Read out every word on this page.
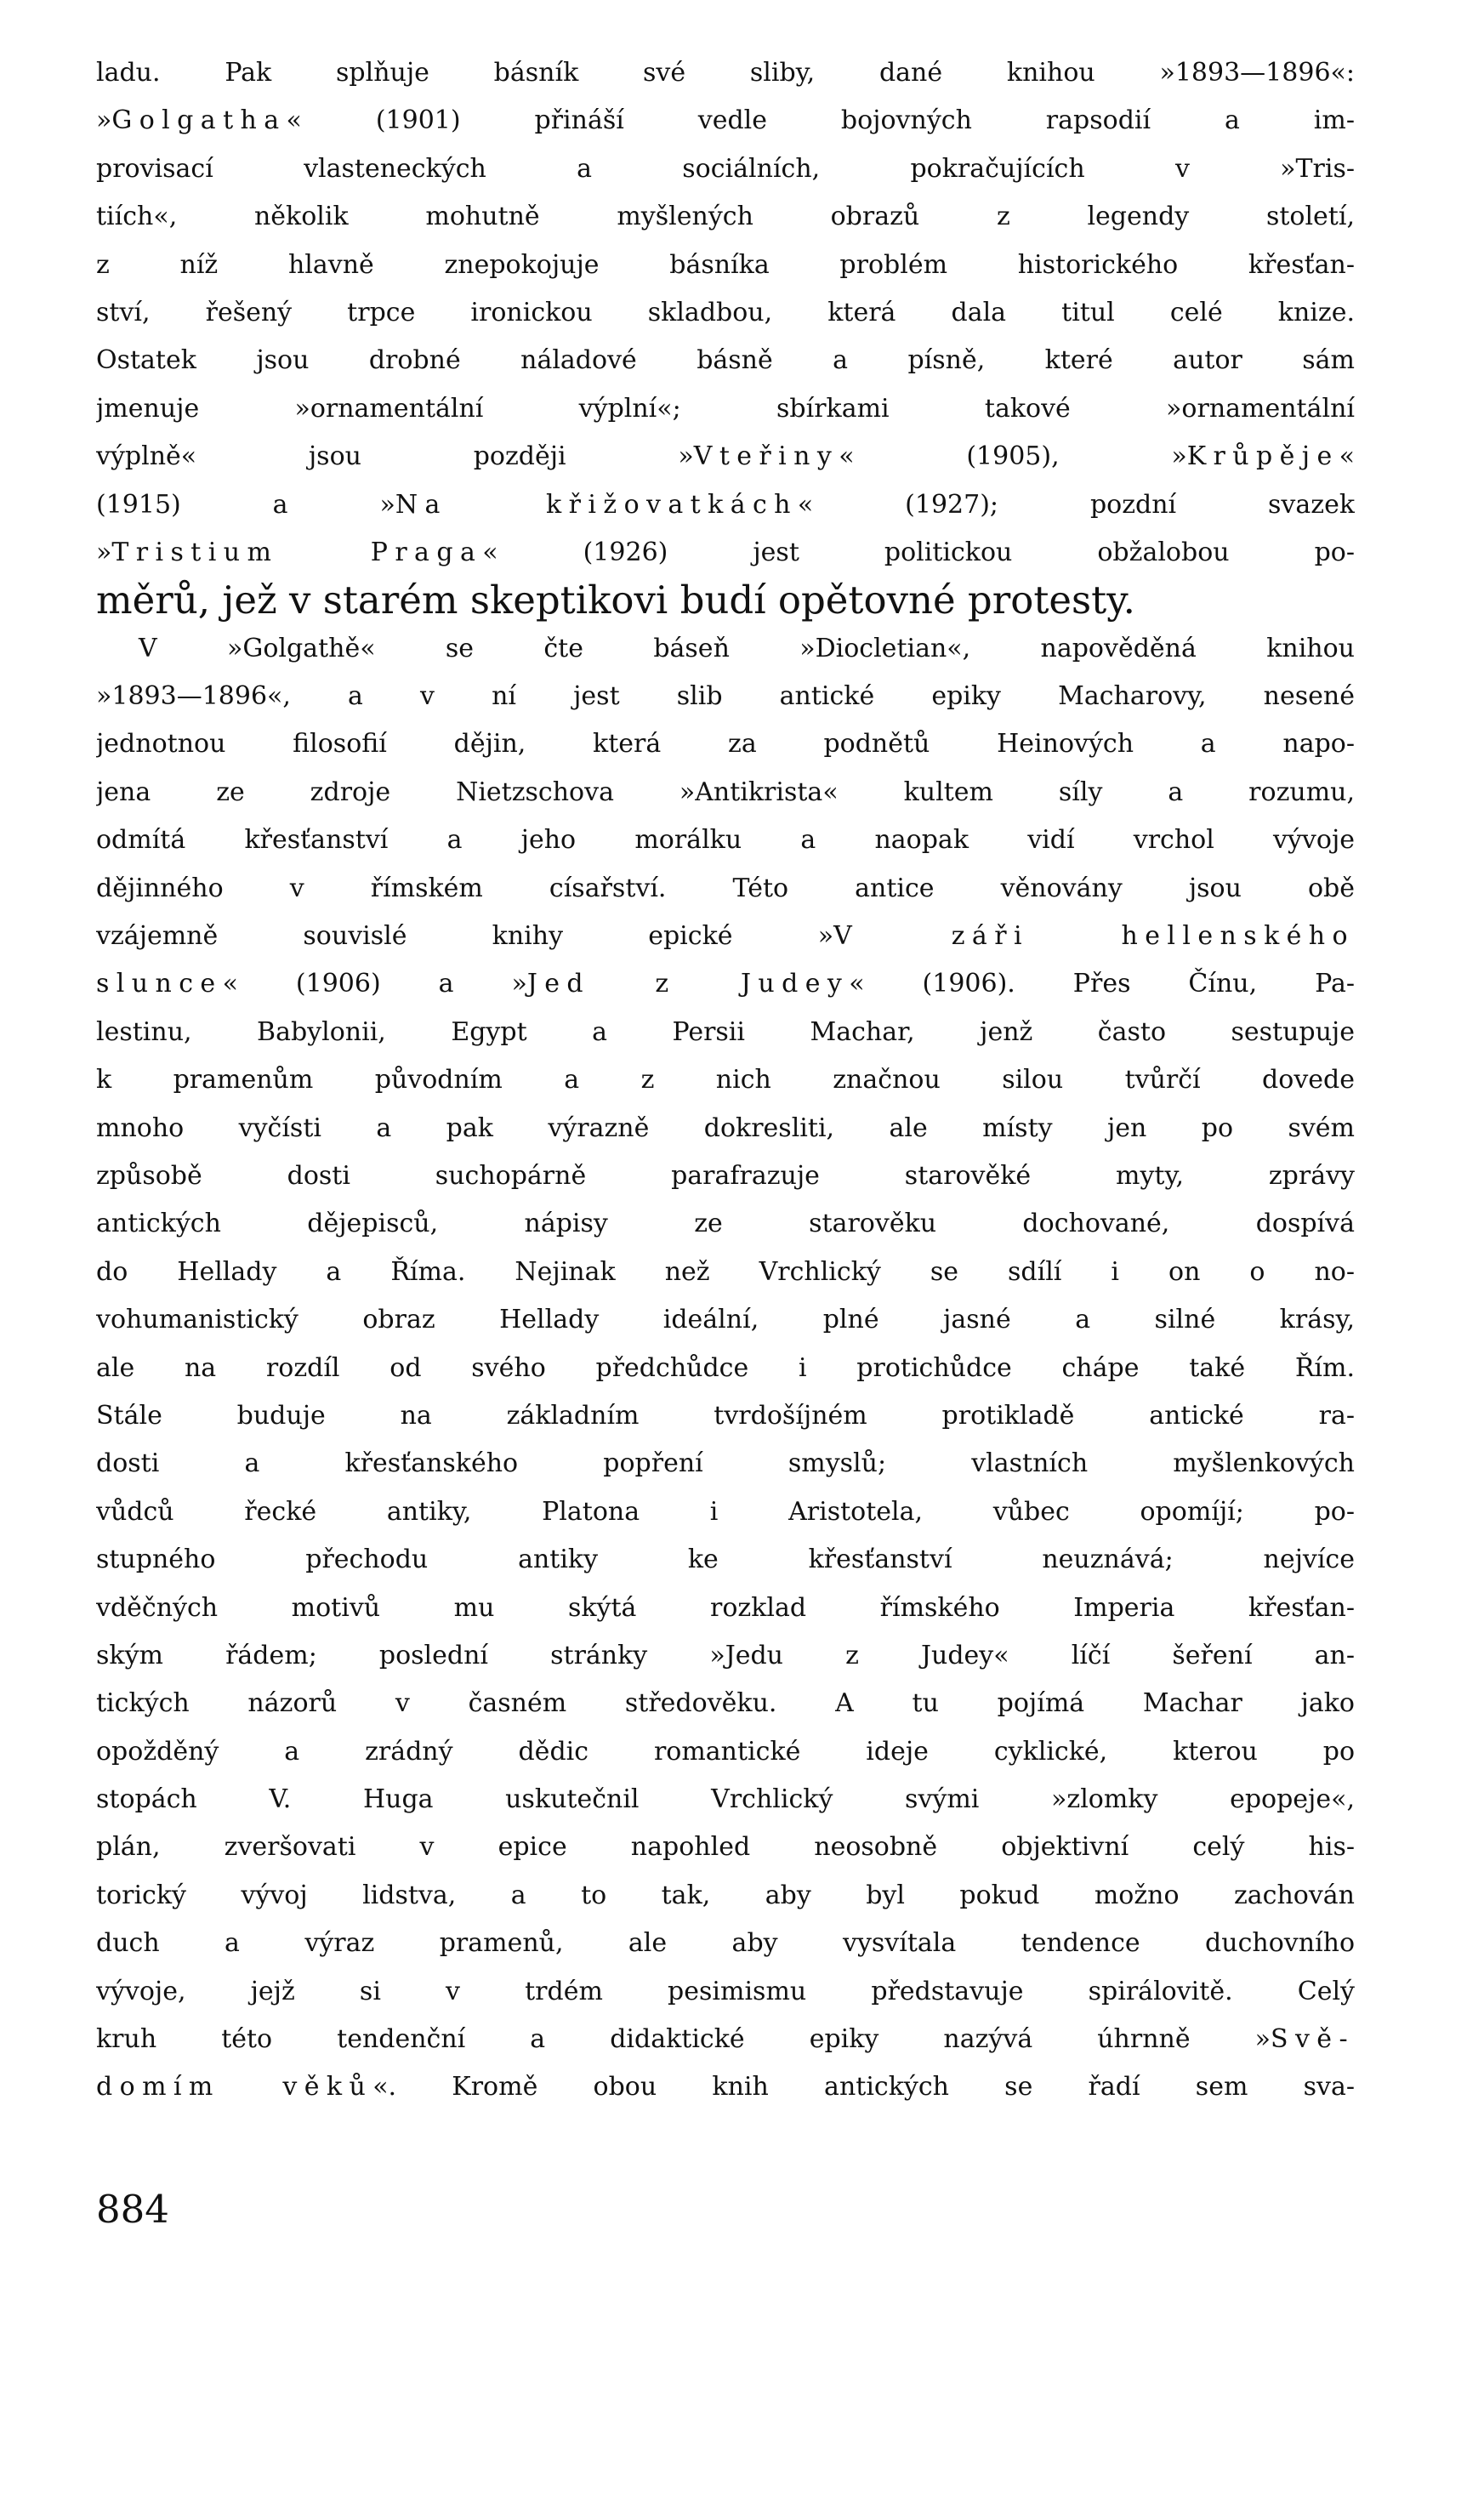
ladu. Pak splňuje básník své sliby, dané knihou »1893—1896«:
»Golgatha« (1901) přináší vedle bojovných rapsodií a im-
provisací vlasteneckých a sociálních, pokračujících v »Tris-
tiích«, několik mohutně myšlených obrazů z legendy století,
z níž hlavně znepokojuje básníka problém historického křesťan-
ství, řešený trpce ironickou skladbou, která dala titul celé knize.
Ostatek jsou drobné náladové básně a písně, které autor sám
jmenuje »ornamentální výplní«; sbírkami takové »ornamentální
výplně« jsou později »Vteřiny« (1905), »Krůpěje«
(1915) a »Na křižovatkách« (1927); pozdní svazek
»Tristium Praga« (1926) jest politickou obžalobou po-
měrů, jež v starém skeptikovi budí opětovné protesty.
V »Golgathě« se čte báseň »Diocletian«, napověděná knihou
»1893—1896«, a v ní jest slib antické epiky Macharovy, nesené
jednotnou filosofií dějin, která za podnětů Heinových a napo-
jena ze zdroje Nietzschova »Antikrista« kultem síly a rozumu,
odmítá křesťanství a jeho morálku a naopak vidí vrchol vývoje
dějinného v římském císařství. Této antice věnovány jsou obě
vzájemně souvislé knihy epické »V záři hellenského
slunce« (1906) a »Jed z Judey« (1906). Přes Čínu, Pa-
lestinu, Babylonii, Egypt a Persii Machar, jenž často sestupuje
k pramenům původním a z nich značnou silou tvůrčí dovede
mnoho vyčísti a pak výrazně dokresliti, ale místy jen po svém
způsobě dosti suchopárně parafrazuje starověké myty, zprávy
antických dějepisců, nápisy ze starověku dochované, dospívá
do Hellady a Říma. Nejinak než Vrchlický se sdílí i on o no-
vohumanistický obraz Hellady ideální, plné jasné a silné krásy,
ale na rozdíl od svého předchůdce i protichůdce chápe také Řím.
Stále buduje na základním tvrdošíjném protikladě antické ra-
dosti a křesťanského popření smyslů; vlastních myšlenkových
vůdců řecké antiky, Platona i Aristotela, vůbec opomíjí; po-
stupného přechodu antiky ke křesťanství neuznává; nejvíce
vděčných motivů mu skýtá rozklad římského Imperia křesťan-
ským řádem; poslední stránky »Jedu z Judey« líčí šeření an-
tických názorů v časném středověku. A tu pojímá Machar jako
opožděný a zrádný dědic romantické ideje cyklické, kterou po
stopách V. Huga uskutečnil Vrchlický svými »zlomky epopeje«,
plán, zveršovati v epice napohled neosobně objektivní celý his-
torický vývoj lidstva, a to tak, aby byl pokud možno zachován
duch a výraz pramenů, ale aby vysvítala tendence duchovního
vývoje, jejž si v trdém pesimismu představuje spirálovitě. Celý
kruh této tendenční a didaktické epiky nazývá úhrnně »Svě-
domím věků«. Kromě obou knih antických se řadí sem sva-
884
